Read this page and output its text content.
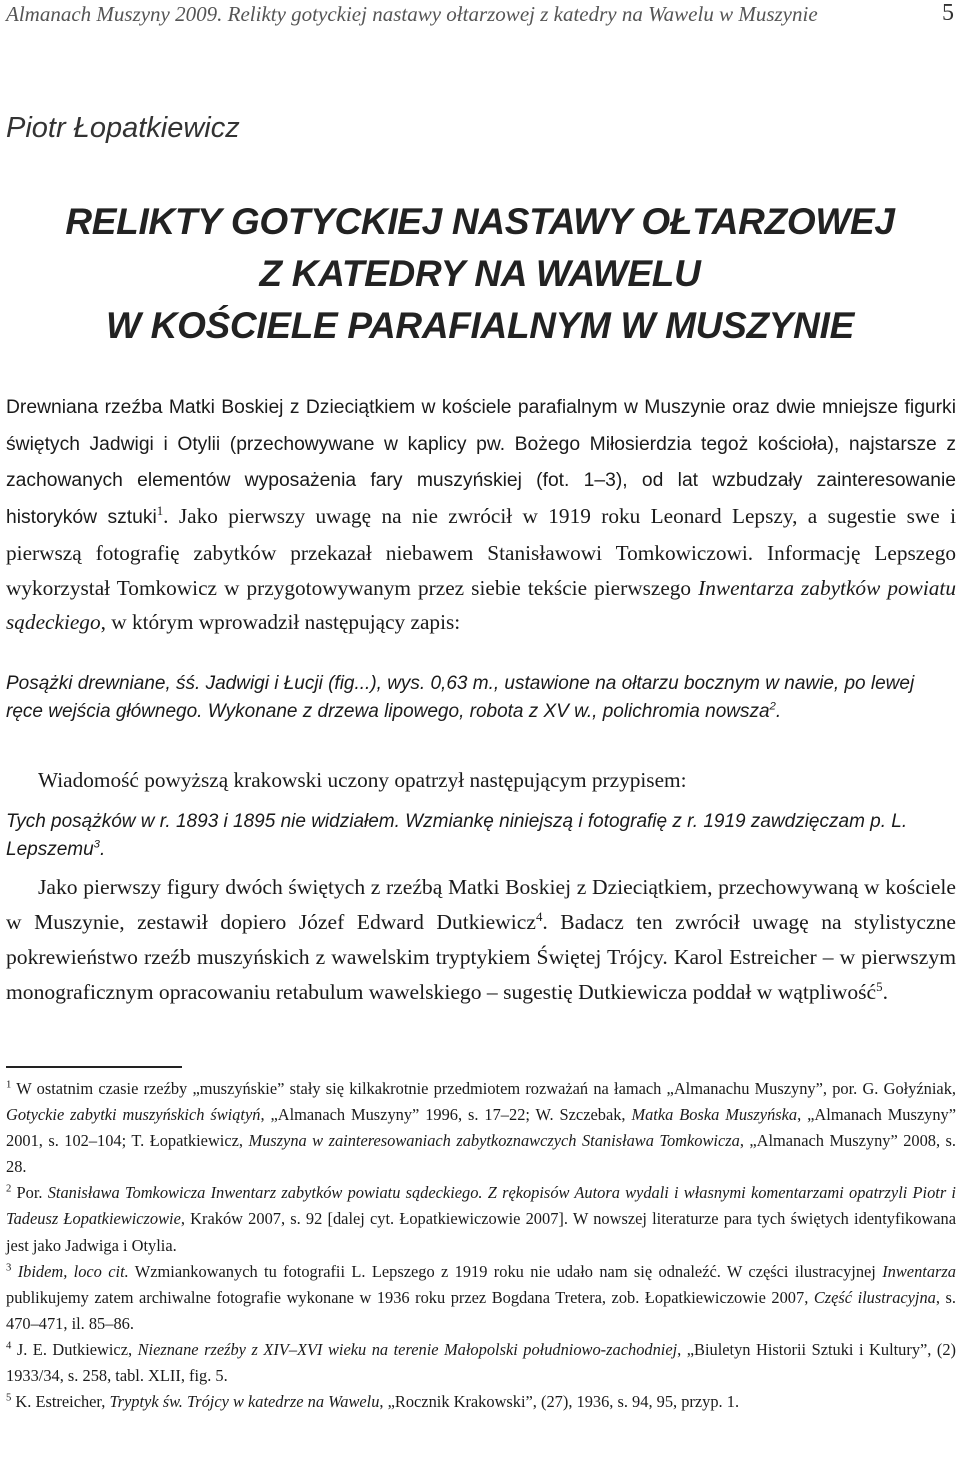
Almanach Muszyny 2009. Relikty gotyckiej nastawy ołtarzowej z katedry na Wawelu w Muszynie	5
Piotr Łopatkiewicz
RELIKTY GOTYCKIEJ NASTAWY OŁTARZOWEJ
Z KATEDRY NA WAWELU
W KOŚCIELE PARAFIALNYM W MUSZYNIE
Drewniana rzeźba Matki Boskiej z Dzieciątkiem w kościele parafialnym w Muszynie oraz dwie mniejsze figurki świętych Jadwigi i Otylii (przechowywane w kaplicy pw. Bożego Miłosierdzia tegoż kościoła), najstarsze z zachowanych elementów wyposażenia fary muszyńskiej (fot. 1–3), od lat wzbudzały zainteresowanie historyków sztuki$^1$. Jako pierwszy uwagę na nie zwrócił w 1919 roku Leonard Lepszy, a sugestie swe i pierwszą fotografię zabytków przekazał niebawem Stanisławowi Tomkowiczowi. Informację Lepszego wykorzystał Tomkowicz w przygotowywanym przez siebie tekście pierwszego Inwentarza zabytków powiatu sądeckiego, w którym wprowadził następujący zapis:
Posążki drewniane, śś. Jadwigi i Łucji (fig...), wys. 0,63 m., ustawione na ołtarzu bocznym w nawie, po lewej ręce wejścia głównego. Wykonane z drzewa lipowego, robota z XV w., polichromia nowsza$^2$.
Wiadomość powyższą krakowski uczony opatrzył następującym przypisem:
Tych posążków w r. 1893 i 1895 nie widziałem. Wzmiankę niniejszą i fotografię z r. 1919 zawdzięczam p. L. Lepszemu$^3$.
Jako pierwszy figury dwóch świętych z rzeźbą Matki Boskiej z Dzieciątkiem, przechowywaną w kościele w Muszynie, zestawił dopiero Józef Edward Dutkiewicz$^4$. Badacz ten zwrócił uwagę na stylistyczne pokrewieństwo rzeźb muszyńskich z wawelskim tryptykiem Świętej Trójcy. Karol Estreicher – w pierwszym monograficznym opracowaniu retabulum wawelskiego – sugestię Dutkiewicza poddał w wątpliwość$^5$.

$^1$ W ostatnim czasie rzeźby „muszyńskie” stały się kilkakrotnie przedmiotem rozważań na łamach „Almanachu Muszyny”, por. G. Gołyźniak, Gotyckie zabytki muszyńskich świątyń, „Almanach Muszyny” 1996, s. 17–22; W. Szczebak, Matka Boska Muszyńska, „Almanach Muszyny” 2001, s. 102–104; T. Łopatkiewicz, Muszyna w zainteresowaniach zabytkoznawczych Stanisława Tomkowicza, „Almanach Muszyny” 2008, s. 28.

$^2$ Por. Stanisława Tomkowicza Inwentarz zabytków powiatu sądeckiego. Z rękopisów Autora wydali i własnymi komentarzami opatrzyli Piotr i Tadeusz Łopatkiewiczowie, Kraków 2007, s. 92 [dalej cyt. Łopatkiewiczowie 2007]. W nowszej literaturze para tych świętych identyfikowana jest jako Jadwiga i Otylia.

$^3$ Ibidem, loco cit. Wzmiankowanych tu fotografii L. Lepszego z 1919 roku nie udało nam się odnaleźć. W części ilustracyjnej Inwentarza publikujemy zatem archiwalne fotografie wykonane w 1936 roku przez Bogdana Tretera, zob. Łopatkiewiczowie 2007, Część ilustracyjna, s. 470–471, il. 85–86.

$^4$ J. E. Dutkiewicz, Nieznane rzeźby z XIV–XVI wieku na terenie Małopolski południowo-zachodniej, „Biuletyn Historii Sztuki i Kultury”, (2) 1933/34, s. 258, tabl. XLII, fig. 5.

$^5$ K. Estreicher, Tryptyk św. Trójcy w katedrze na Wawelu, „Rocznik Krakowski”, (27), 1936, s. 94, 95, przyp. 1.
